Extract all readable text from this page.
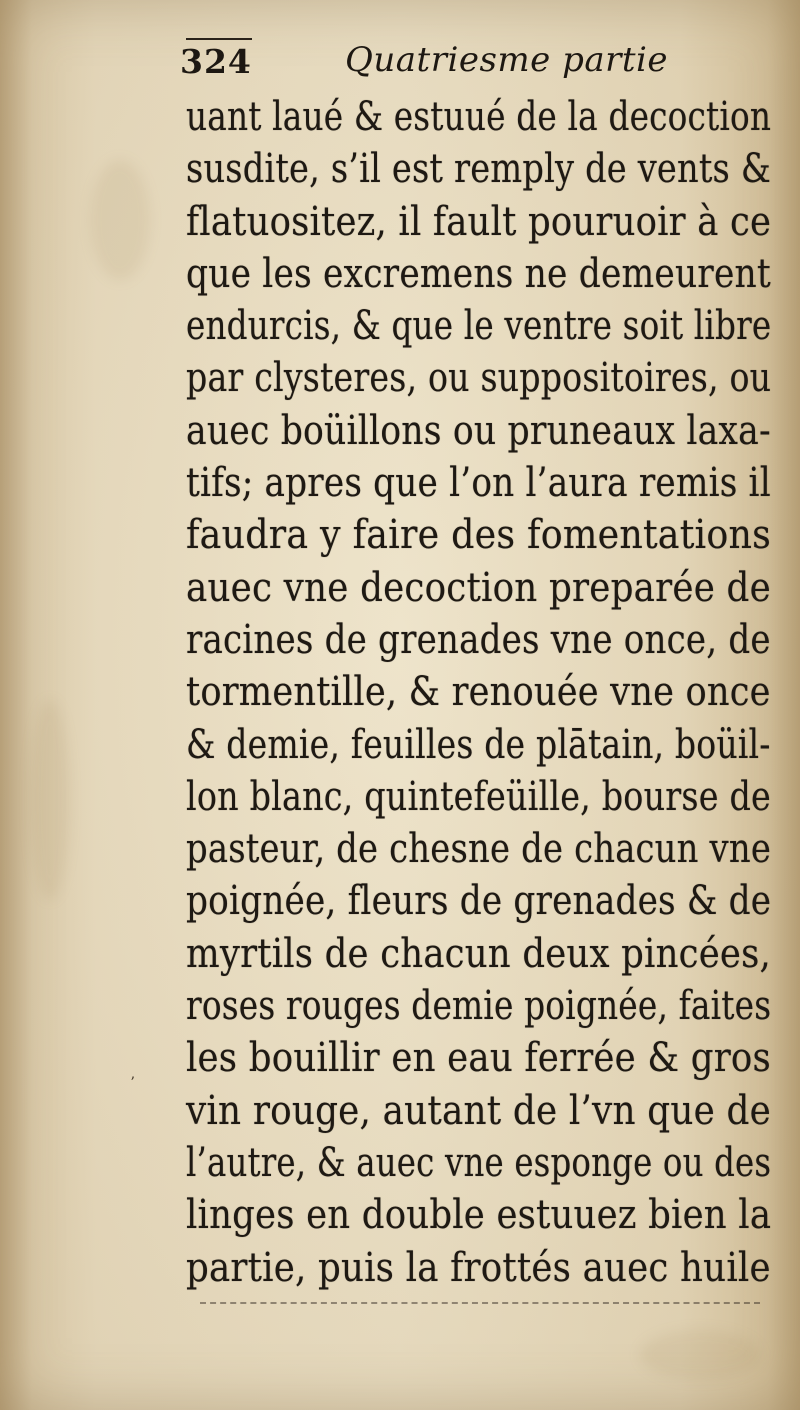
324	Quatriesme partie
uant laué & estuué de la decoction
susdite, s’il est remply de vents &
flatuositez, il fault pouruoir à ce
que les excremens ne demeurent
endurcis, & que le ventre soit libre
par clysteres, ou suppositoires, ou
auec boüillons ou pruneaux laxa-
tifs; apres que l’on l’aura remis il
faudra y faire des fomentations
auec vne decoction preparée de
racines de grenades vne once, de
tormentille, & renouée vne once
& demie, feuilles de plātain, boüil-
lon blanc, quintefeüille, bourse de
pasteur, de chesne de chacun vne
poignée, fleurs de grenades & de
myrtils de chacun deux pincées,
roses rouges demie poignée, faites
les bouillir en eau ferrée & gros
vin rouge, autant de l’vn que de
l’autre, & auec vne esponge ou des
linges en double estuuez bien la
partie, puis la frottés auec huile
ʼ
